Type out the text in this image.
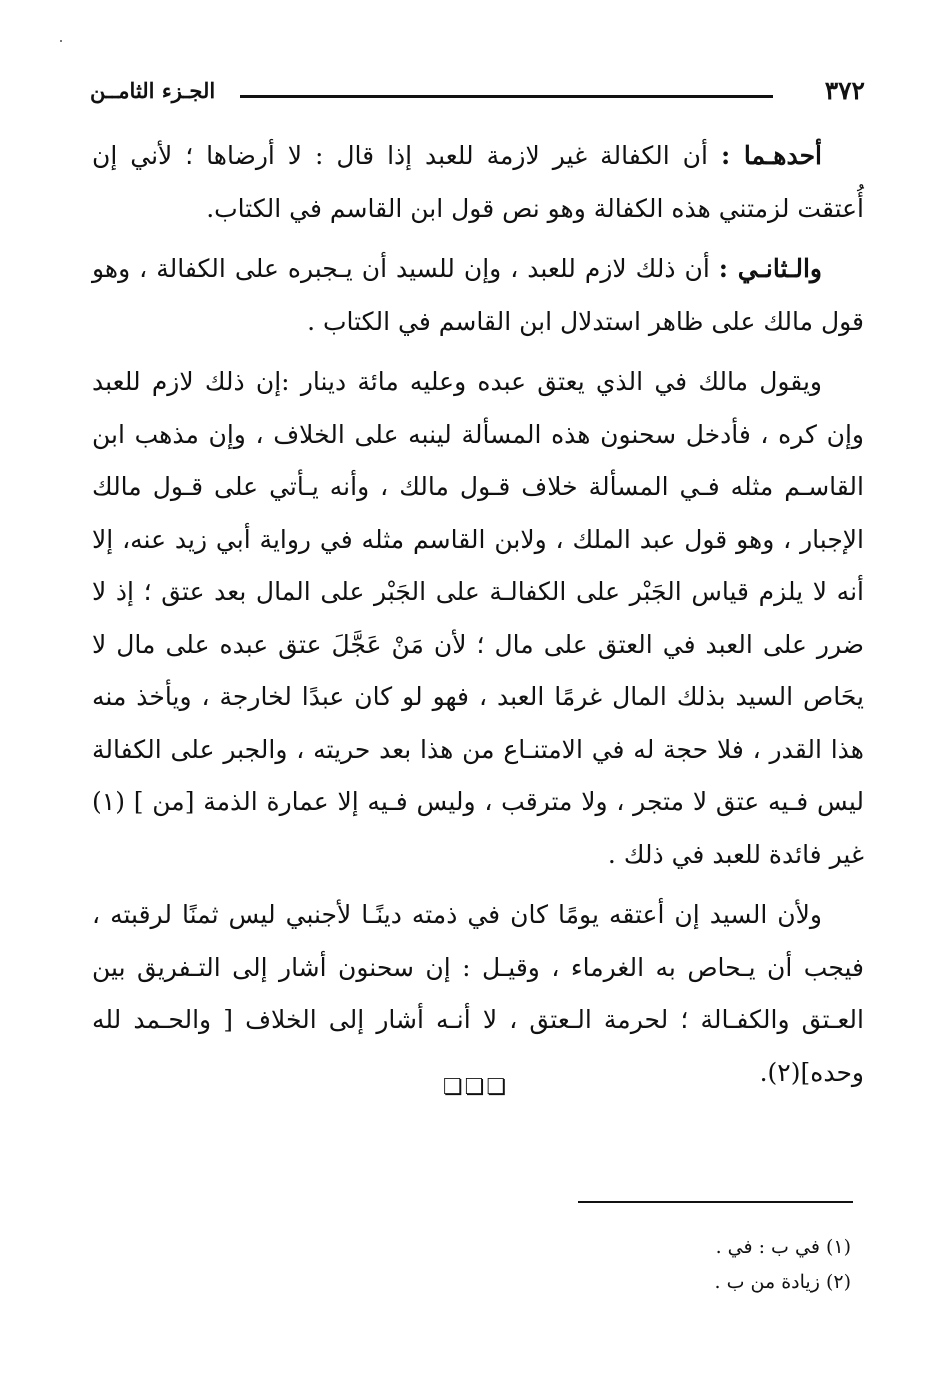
٣٧٢
الجـزء الثامــن

أحدهـما : أن الكفالة غير لازمة للعبد إذا قال : لا أرضاها ؛ لأني إن أُعتقت لزمتني هذه الكفالة وهو نص قول ابن القاسم في الكتاب.

والـثانـي : أن ذلك لازم للعبد ، وإن للسيد أن يـجبره على الكفالة ، وهو قول مالك على ظاهر استدلال ابن القاسم في الكتاب .

ويقول مالك في الذي يعتق عبده وعليه مائة دينار :إن ذلك لازم للعبد وإن كره ، فأدخل سحنون هذه المسألة لينبه على الخلاف ، وإن مذهب ابن القاسـم مثله فـي المسألة خلاف قـول مالك ، وأنه يـأتي على قـول مالك الإجبار ، وهو قول عبد الملك ، ولابن القاسم مثله في رواية أبي زيد عنه، إلا أنه لا يلزم قياس الجَبْر على الكفالـة على الجَبْر على المال بعد عتق ؛ إذ لا ضرر على العبد في العتق على مال ؛ لأن مَنْ عَجَّلَ عتق عبده على مال لا يحَاص السيد بذلك المال غرمًا العبد ، فهو لو كان عبدًا لخارجة ، ويأخذ منه هذا القدر ، فلا حجة له في الامتنـاع من هذا بعد حريته ، والجبر على الكفالة ليس فـيه عتق لا متجر ، ولا مترقب ، وليس فـيه إلا عمارة الذمة [من ] (١) غير فائدة للعبد في ذلك .

ولأن السيد إن أعتقه يومًا كان في ذمته دينًـا لأجنبي ليس ثمنًا لرقبته ، فيجب أن يـحاص به الغرماء ، وقيـل : إن سحنون أشار إلى التـفريق بين العـتق والكفـالة ؛ لحرمة الـعتق ، لا أنـه أشار إلى الخلاف [ والحـمد لله وحده](٢).

❏❏❏

(١) في ب : في .

(٢) زيادة من ب .
